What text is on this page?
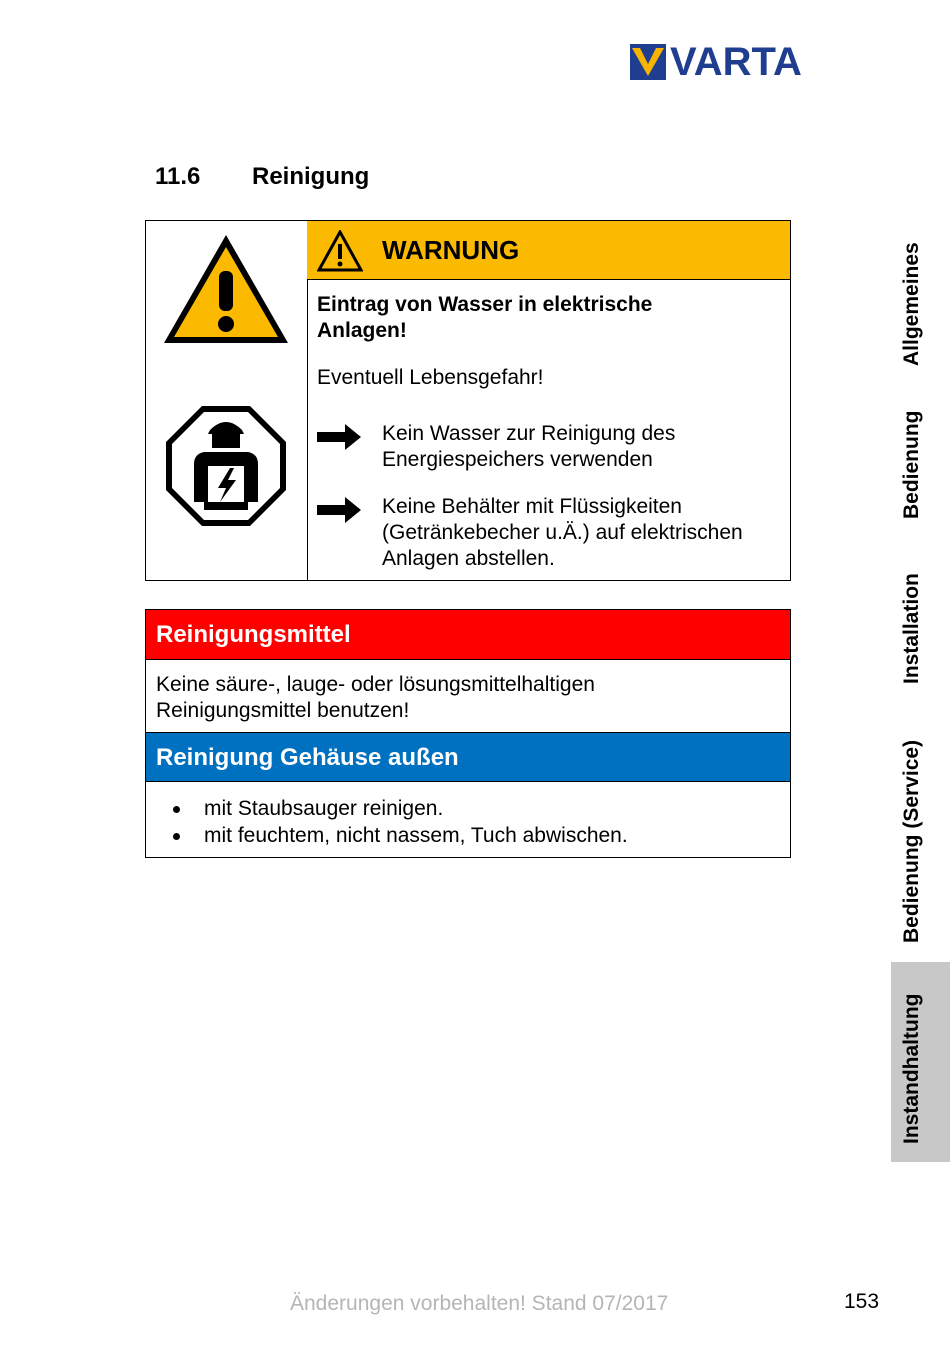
VARTA
11.6 Reinigung
WARNUNG
Eintrag von Wasser in elektrische Anlagen!
Eventuell Lebensgefahr!
Kein Wasser zur Reinigung des Energiespeichers verwenden
Keine Behälter mit Flüssigkeiten (Getränkebecher u.Ä.) auf elektrischen Anlagen abstellen.
Reinigungsmittel
Keine säure-, lauge- oder lösungsmittelhaltigen Reinigungsmittel benutzen!
Reinigung Gehäuse außen
mit Staubsauger reinigen.
mit feuchtem, nicht nassem, Tuch abwischen.
Allgemeines
Bedienung
Installation
Bedienung (Service)
Instandhaltung
Änderungen vorbehalten! Stand 07/2017	153
